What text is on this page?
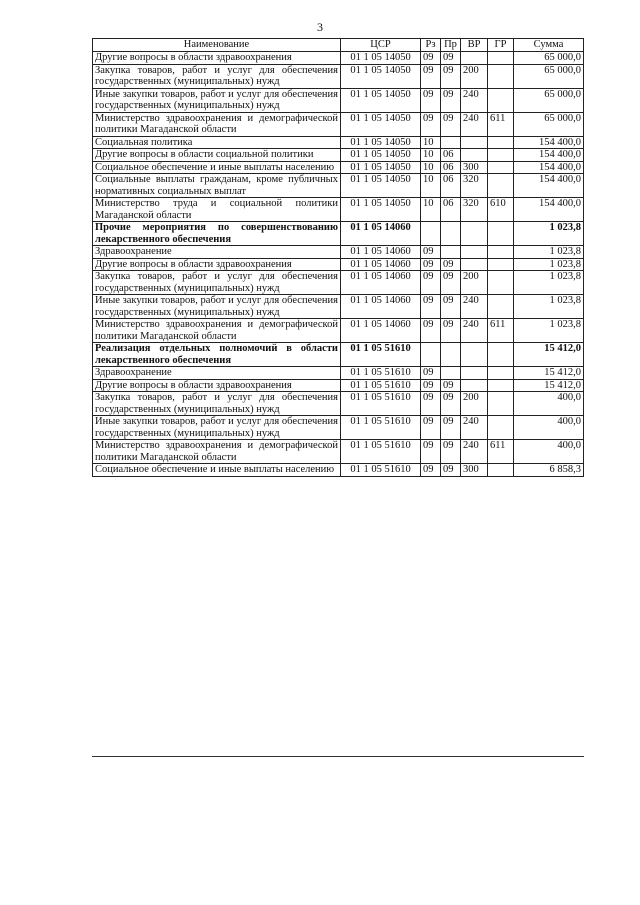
3
Наименование	ЦСР	Рз	Пр	ВР	ГР	Сумма
Другие вопросы в области здравоохранения	01 1 05 14050	09	09			65 000,0
Закупка товаров, работ и услуг для обеспечения государственных (муниципальных) нужд	01 1 05 14050	09	09	200		65 000,0
Иные закупки товаров, работ и услуг для обеспечения государственных (муниципальных) нужд	01 1 05 14050	09	09	240		65 000,0
Министерство здравоохранения и демографической политики Магаданской области	01 1 05 14050	09	09	240	611	65 000,0
Социальная политика	01 1 05 14050	10				154 400,0
Другие вопросы в области социальной политики	01 1 05 14050	10	06			154 400,0
Социальное обеспечение и иные выплаты населению	01 1 05 14050	10	06	300		154 400,0
Социальные выплаты гражданам, кроме публичных нормативных социальных выплат	01 1 05 14050	10	06	320		154 400,0
Министерство труда и социальной политики Магаданской области	01 1 05 14050	10	06	320	610	154 400,0
Прочие мероприятия по совершенствованию лекарственного обеспечения	01 1 05 14060					1 023,8
Здравоохранение	01 1 05 14060	09				1 023,8
Другие вопросы в области здравоохранения	01 1 05 14060	09	09			1 023,8
Закупка товаров, работ и услуг для обеспечения государственных (муниципальных) нужд	01 1 05 14060	09	09	200		1 023,8
Иные закупки товаров, работ и услуг для обеспечения государственных (муниципальных) нужд	01 1 05 14060	09	09	240		1 023,8
Министерство здравоохранения и демографической политики Магаданской области	01 1 05 14060	09	09	240	611	1 023,8
Реализация отдельных полномочий в области лекарственного обеспечения	01 1 05 51610					15 412,0
Здравоохранение	01 1 05 51610	09				15 412,0
Другие вопросы в области здравоохранения	01 1 05 51610	09	09			15 412,0
Закупка товаров, работ и услуг для обеспечения государственных (муниципальных) нужд	01 1 05 51610	09	09	200		400,0
Иные закупки товаров, работ и услуг для обеспечения государственных (муниципальных) нужд	01 1 05 51610	09	09	240		400,0
Министерство здравоохранения и демографической политики Магаданской области	01 1 05 51610	09	09	240	611	400,0
Социальное обеспечение и иные выплаты населению	01 1 05 51610	09	09	300		6 858,3
